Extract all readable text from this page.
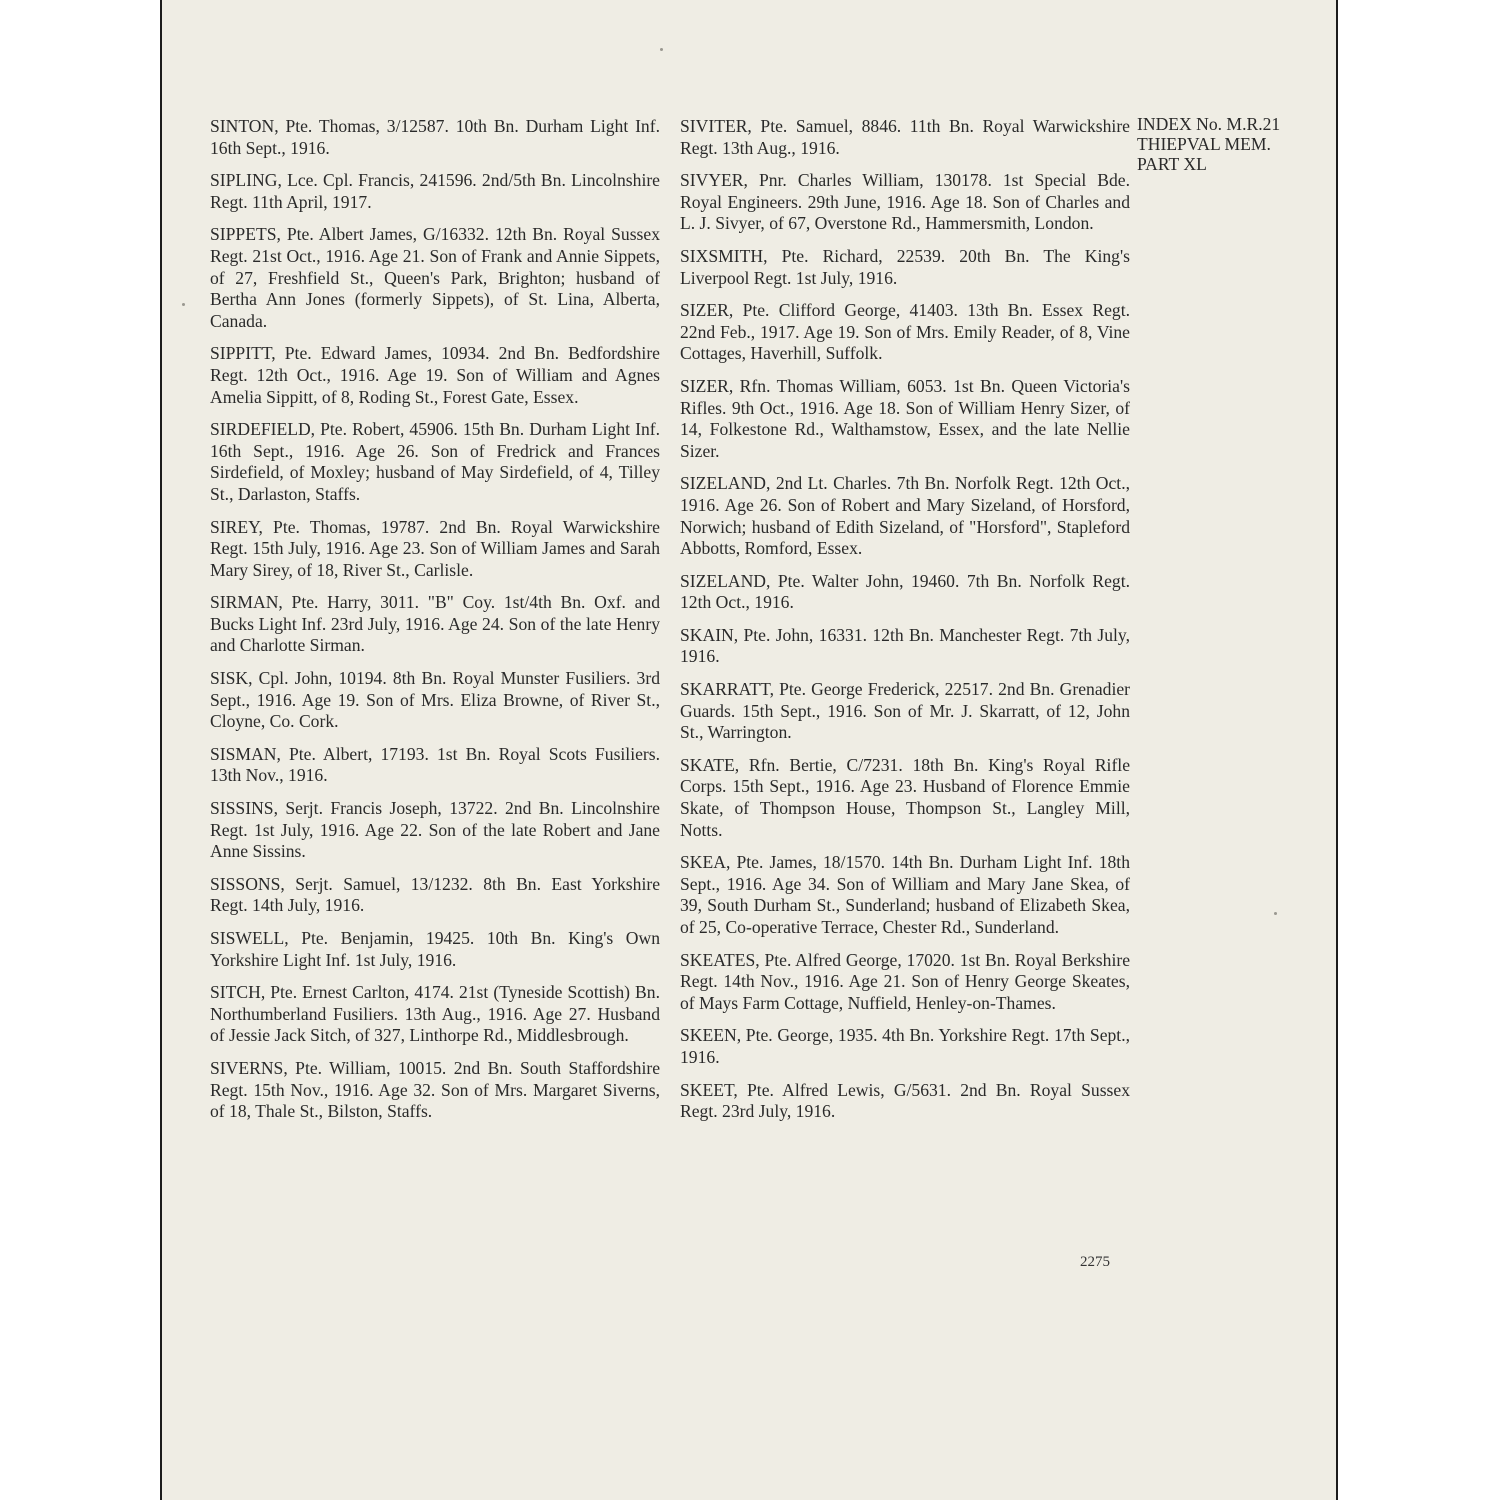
INDEX No. M.R.21
THIEPVAL MEM.
PART XL

SINTON, Pte. Thomas, 3/12587. 10th Bn. Durham Light Inf. 16th Sept., 1916.

SIPLING, Lce. Cpl. Francis, 241596. 2nd/5th Bn. Lincolnshire Regt. 11th April, 1917.

SIPPETS, Pte. Albert James, G/16332. 12th Bn. Royal Sussex Regt. 21st Oct., 1916. Age 21. Son of Frank and Annie Sippets, of 27, Freshfield St., Queen's Park, Brighton; husband of Bertha Ann Jones (formerly Sippets), of St. Lina, Alberta, Canada.

SIPPITT, Pte. Edward James, 10934. 2nd Bn. Bedfordshire Regt. 12th Oct., 1916. Age 19. Son of William and Agnes Amelia Sippitt, of 8, Roding St., Forest Gate, Essex.

SIRDEFIELD, Pte. Robert, 45906. 15th Bn. Durham Light Inf. 16th Sept., 1916. Age 26. Son of Fredrick and Frances Sirdefield, of Moxley; husband of May Sirdefield, of 4, Tilley St., Darlaston, Staffs.

SIREY, Pte. Thomas, 19787. 2nd Bn. Royal Warwickshire Regt. 15th July, 1916. Age 23. Son of William James and Sarah Mary Sirey, of 18, River St., Carlisle.

SIRMAN, Pte. Harry, 3011. "B" Coy. 1st/4th Bn. Oxf. and Bucks Light Inf. 23rd July, 1916. Age 24. Son of the late Henry and Charlotte Sirman.

SISK, Cpl. John, 10194. 8th Bn. Royal Munster Fusiliers. 3rd Sept., 1916. Age 19. Son of Mrs. Eliza Browne, of River St., Cloyne, Co. Cork.

SISMAN, Pte. Albert, 17193. 1st Bn. Royal Scots Fusiliers. 13th Nov., 1916.

SISSINS, Serjt. Francis Joseph, 13722. 2nd Bn. Lincolnshire Regt. 1st July, 1916. Age 22. Son of the late Robert and Jane Anne Sissins.

SISSONS, Serjt. Samuel, 13/1232. 8th Bn. East Yorkshire Regt. 14th July, 1916.

SISWELL, Pte. Benjamin, 19425. 10th Bn. King's Own Yorkshire Light Inf. 1st July, 1916.

SITCH, Pte. Ernest Carlton, 4174. 21st (Tyneside Scottish) Bn. Northumberland Fusiliers. 13th Aug., 1916. Age 27. Husband of Jessie Jack Sitch, of 327, Linthorpe Rd., Middlesbrough.

SIVERNS, Pte. William, 10015. 2nd Bn. South Staffordshire Regt. 15th Nov., 1916. Age 32. Son of Mrs. Margaret Siverns, of 18, Thale St., Bilston, Staffs.

SIVITER, Pte. Samuel, 8846. 11th Bn. Royal Warwickshire Regt. 13th Aug., 1916.

SIVYER, Pnr. Charles William, 130178. 1st Special Bde. Royal Engineers. 29th June, 1916. Age 18. Son of Charles and L. J. Sivyer, of 67, Overstone Rd., Hammersmith, London.

SIXSMITH, Pte. Richard, 22539. 20th Bn. The King's Liverpool Regt. 1st July, 1916.

SIZER, Pte. Clifford George, 41403. 13th Bn. Essex Regt. 22nd Feb., 1917. Age 19. Son of Mrs. Emily Reader, of 8, Vine Cottages, Haverhill, Suffolk.

SIZER, Rfn. Thomas William, 6053. 1st Bn. Queen Victoria's Rifles. 9th Oct., 1916. Age 18. Son of William Henry Sizer, of 14, Folkestone Rd., Walthamstow, Essex, and the late Nellie Sizer.

SIZELAND, 2nd Lt. Charles. 7th Bn. Norfolk Regt. 12th Oct., 1916. Age 26. Son of Robert and Mary Sizeland, of Horsford, Norwich; husband of Edith Sizeland, of "Horsford", Stapleford Abbotts, Romford, Essex.

SIZELAND, Pte. Walter John, 19460. 7th Bn. Norfolk Regt. 12th Oct., 1916.

SKAIN, Pte. John, 16331. 12th Bn. Manchester Regt. 7th July, 1916.

SKARRATT, Pte. George Frederick, 22517. 2nd Bn. Grenadier Guards. 15th Sept., 1916. Son of Mr. J. Skarratt, of 12, John St., Warrington.

SKATE, Rfn. Bertie, C/7231. 18th Bn. King's Royal Rifle Corps. 15th Sept., 1916. Age 23. Husband of Florence Emmie Skate, of Thompson House, Thompson St., Langley Mill, Notts.

SKEA, Pte. James, 18/1570. 14th Bn. Durham Light Inf. 18th Sept., 1916. Age 34. Son of William and Mary Jane Skea, of 39, South Durham St., Sunderland; husband of Elizabeth Skea, of 25, Co-operative Terrace, Chester Rd., Sunderland.

SKEATES, Pte. Alfred George, 17020. 1st Bn. Royal Berkshire Regt. 14th Nov., 1916. Age 21. Son of Henry George Skeates, of Mays Farm Cottage, Nuffield, Henley-on-Thames.

SKEEN, Pte. George, 1935. 4th Bn. Yorkshire Regt. 17th Sept., 1916.

SKEET, Pte. Alfred Lewis, G/5631. 2nd Bn. Royal Sussex Regt. 23rd July, 1916.

2275
